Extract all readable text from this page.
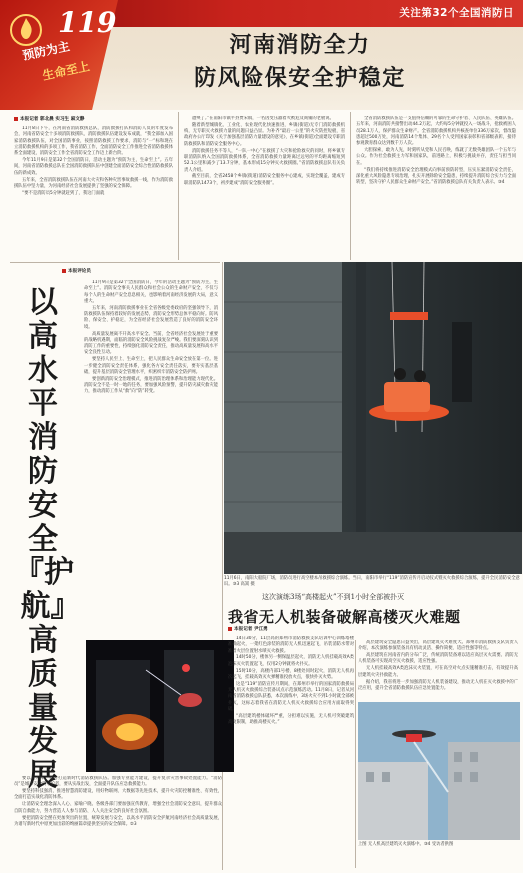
119
预防为主
生命至上
关注第32个全国消防日
河南消防全力
防风险保安全护稳定
本报记者 郭北晨 实习生 麻文静

11月8日下午，在河南省消防救援总队，消防救援打队和消防人员的年度发布会，河南省防安全十多项消防救援队、消防救援队伍建设发布成就，“我全部加入国家消防救援队伍，对全国消防事业，按照消防救援工作要求，消防与“一”标和现在立消防救援机构的多项工作，我省消防工作，全面消防安全工作推进全省消防救援体系全面建设，消防安全工作全省消防安全工作迈上新台阶。

今年11月9日是第32个全国消防日，活动主题为“预防为主，生命至上”。五年间，河南省消防救援总队在全国消防救援队伍中创建全面消防安全综合性消防救援队伍的新成效。

五年来，全省消防救援队伍在河南大火灾和各种灾害事故救援一线，作为消防救援队伍中坚力量，为河南经济社会发展提供了坚强的安全保障。

“要不是消防员5分钟就赶到了，我这门面就

遭殃了。”在南阳市镇平县贾宋镇，一名因变压器着火被危及商铺的老板说。

随着新型城镇化、工业化、农业现代化快速推进，乡镇(街道)无专门消防救援机构，无专职灭火救援力量的问题日益凸显。为补齐“最后一公里”的火灾防控短板，省政府办公厅印发《关于加强基层消防力量建设的意见》，在乡镇(街道)全面建设专职消防救援队和消防安全服务中心。

消防救援任务不等人，“一队一中心”在救援了大灾和抢险救灾的同时，将乡镇专职消防队纳入全国消防救援体系，全省消防救援力量距离过远男的平均距离缩短到52.1公里和减少了13.7分钟，基本形成15分钟灭火救援圈。”省消防救援总队有关负责人介绍。

截至目前，全省2458个乡镇(街道)消防安全服务中心建成，实现全覆盖，建成专职消防队1473个，初步建成“消防安全服务圈”。

全省消防救援队伍是一支值得信赖的可靠的生命守护者、人民队伍、英雄队伍。五年来，河南消防共接警出动44.2万起，大约每5分钟就投入一场战斗，抢救被困人员28.1万人，保护群众生命财产。全省消防救援机构共核查单位336万家次，督改隐患超过500万处，河南消防14个集体、29名个人受到国家表彰和省部级表彰，接待参观教育群众达到数千万人次。

大胆探索，敢为人先，时刻听从党和人民召唤，练就了无数英雄团队一个五年与公众。作为社会救援主力军和国家队，前进路上，积极与挑战并存，责任与担当同在。

“我们将持续推进消防安全治理模式向事前预防转型，压实压紧消防安全责任，深化重大风险隐患专项治理，扎实开展除险安全隐患，持续提升消防综合实力与全面转型，坚决守护人民群众生命财产安全。”省消防救援总队有关负责人表示。③4

本报评论员
以高水平消防安全『护航』高质量发展

11月9日是第32个全国消防日，今年的活动主题为“预防为主，生命至上”。消防安全事关人民群众和社会公众的生命财产安全，不仅与每个人的生命财产安全息息相关，也影响着河南经济发展的大局，意义重大。

五年来，河南消防救援事业在全省各级党委政府的坚强领导下，消防救援队伍保持着较好的发展态势，消防安全形势总体平稳向好。防风险、保安全、护稳定，为全省经济社会发展营造了良好的消防安全环境。

高质量发展离不开高水平安全。当前，全省经济社会发展处于重要的战略机遇期，面临的消防安全风险挑战复杂严峻。我们要深刻认识到消防工作的重要性，持续强化消防安全责任，推动高质量发展和高水平安全良性互动。

要坚持人民至上、生命至上，把人民群众生命安全放在第一位。进一步健全消防安全责任体系，强化各方安全责任落实，要夯实基层基础，提升基层消防安全管理水平，织密织牢消防安全防护网。

要创新消防安全治理模式，推进消防治理体系和治理能力现代化。消防安全不是一时一地的任务，要加强风险预警，提升防灾减灾救灾能力，推动消防工作从“救”向“防”转变。

要以人为本，着力打造新时代消防救援队伍。加强专业能力建设，提升复杂灾害事故处置能力。“消防员”是城市安全的守护者，要从实战出发，全面提升队伍应急救援能力。

要坚持科技强消，推进智慧消防建设，用好物联网、大数据等先进技术，提升火灾防控精准性、有效性，全面打造实战化消防体系。

让消防安全理念深入人心、家喻户晓。各级各部门要加强宣传教育，增强全社会消防安全意识，提升群众自防自救能力，努力营造人人参与消防、人人关注安全的良好社会氛围。

要把消防安全摆在更加突出的位置，统筹发展与安全，以高水平消防安全护航河南经济社会高质量发展，为谱写新时代中原更加出彩的绚丽篇章提供坚实的安全保障。②3

11月6日，南阳大船院厂场，消防员进行高空楼本吊救援综合演练。当日，南阳市举行“119”消防宣传月启动仪式暨灭火救援综合演练，提升全民消防安全意识。③3 高嵩 摄
这次演练3场“高楼起火”不到1小时全部被扑灭
我省无人机装备破解高楼灭火难题
本报记者 尹江勇

14日30分，11层高的郑州市消防救援支队培训中心训练塔楼准确起火，一架红色涂装的消防无人机迅速起飞，吊装消防水带对准着火层位置射水喷灭火救援。

14时50分，楼体另一侧保温层起火，消防无人机挂载高效A类泡沫灭火装置起飞，仅用2分钟就将火扑灭。

15时10分，高楼内部1号楼、8楼处同时起火，消防无人机再次起飞，挂载高效灭火弹精准投放火点，很快扑灭火势。

这是“119”消防宣传月期间，在郑州市举行的国家消防救援局无人机灭火救援综合装备试点示范演练活动。11月8日，记者从河南省消防救援总队获悉，本次演练中，3场火灾不到1小时就全部被扑灭，这标志着我省在消防无人机灭火救援综合应用方面取得突破。

“高层建筑楼体破坏严重，分担难以实施，无人机可突破建筑高度限制，助推高楼灭火。”

高层建筑安全隐患日益突出，高层建筑灭火难度大。郑州市消防救援支队负责人介绍，本次演练参演装备具有机动灵活、操作简便、适应性强等特点。

高层建筑在河南省内的分布广泛，传统消防装备难以适应高层灭火需要。消防无人机装备可实现高空灭火救援，适应性强。

无人机挂载高效A类泡沫灭火装置，可在高空对火点实施精准打击，有效提升高层建筑火灾扑救能力。

据介绍，我省将进一步加强消防无人机装备建设，推动无人机在灭火救援中的广泛应用，提升全省消防救援队伍应急处置能力。

上图 无人机高层建筑灭火演练中。③4 受访者供图
